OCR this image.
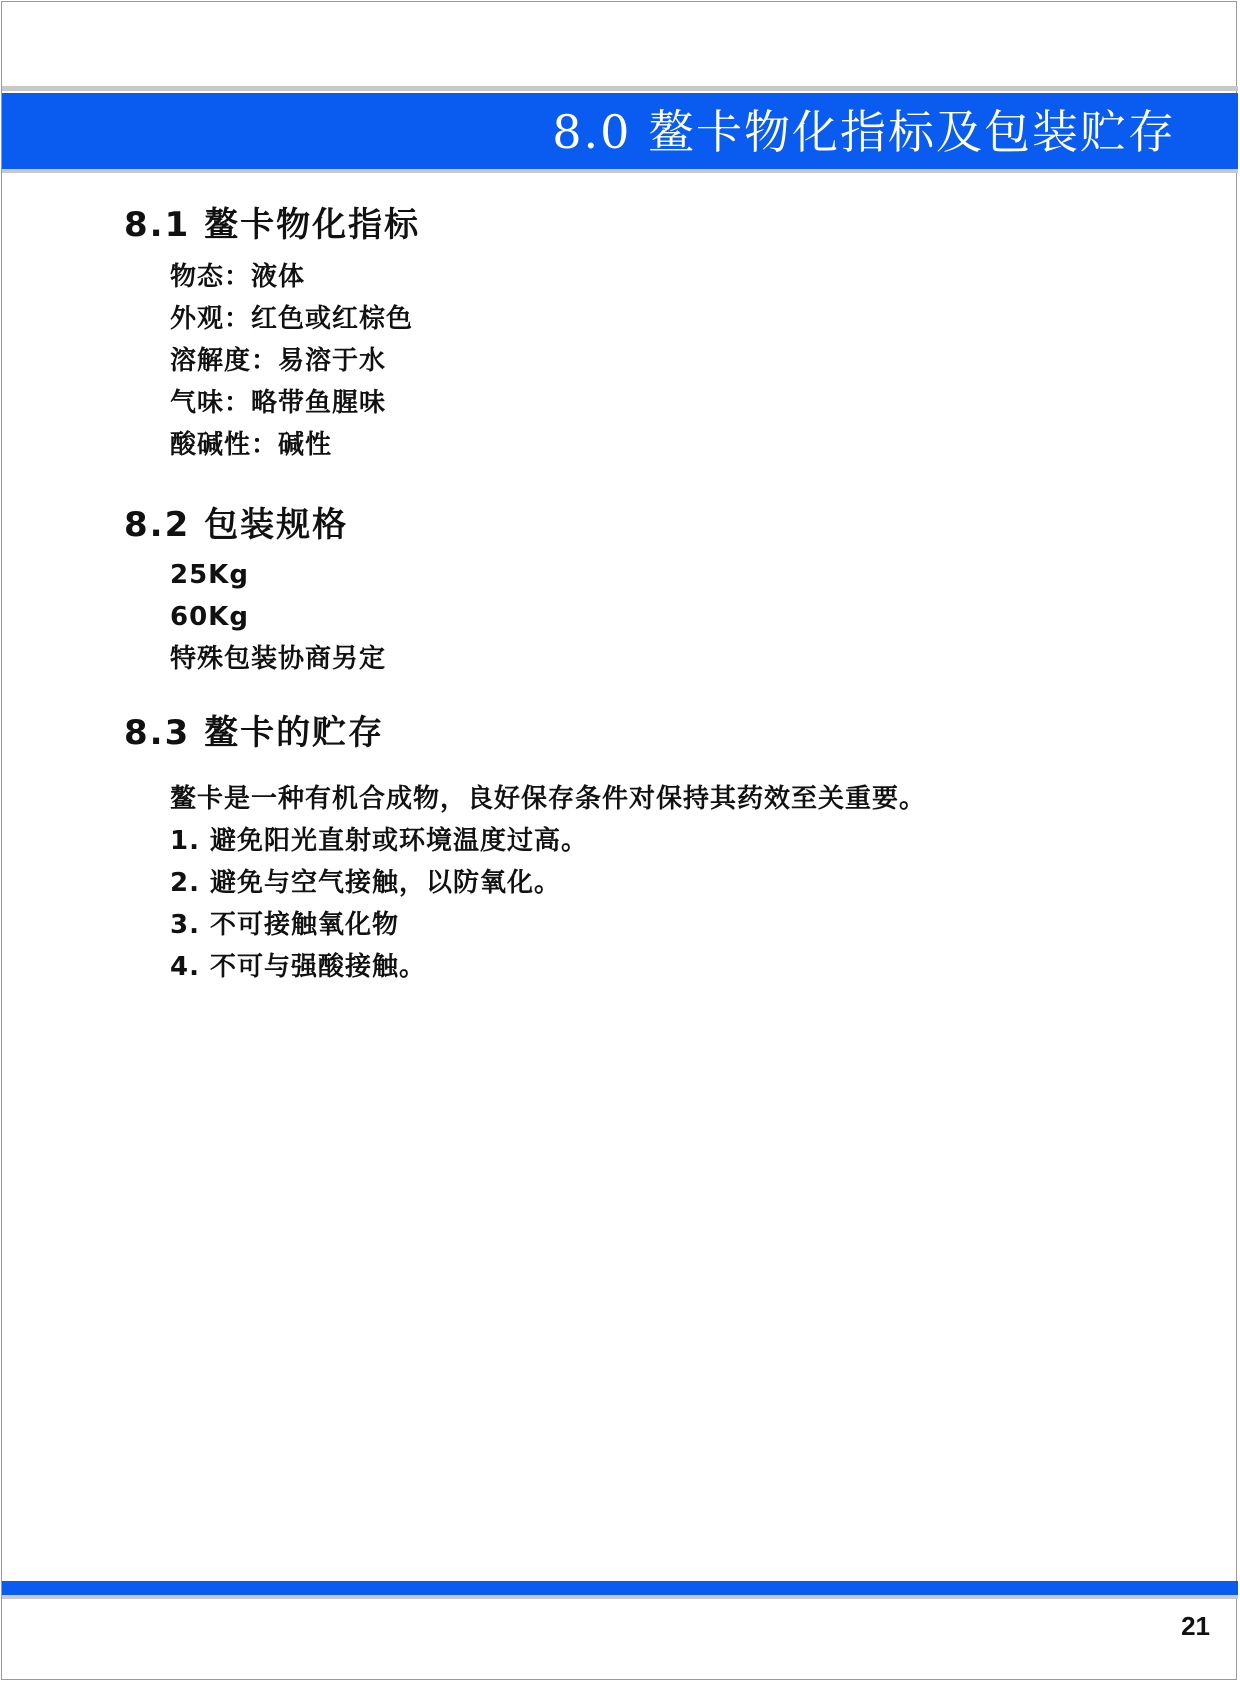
8.0 鳌卡物化指标及包装贮存
8.1 鳌卡物化指标
物态：液体
外观：红色或红棕色
溶解度：易溶于水
气味：略带鱼腥味
酸碱性：碱性
8.2 包装规格
25Kg
60Kg
特殊包装协商另定
8.3 鳌卡的贮存
鳌卡是一种有机合成物，良好保存条件对保持其药效至关重要。
1. 避免阳光直射或环境温度过高。
2. 避免与空气接触，以防氧化。
3. 不可接触氧化物
4. 不可与强酸接触。
21
